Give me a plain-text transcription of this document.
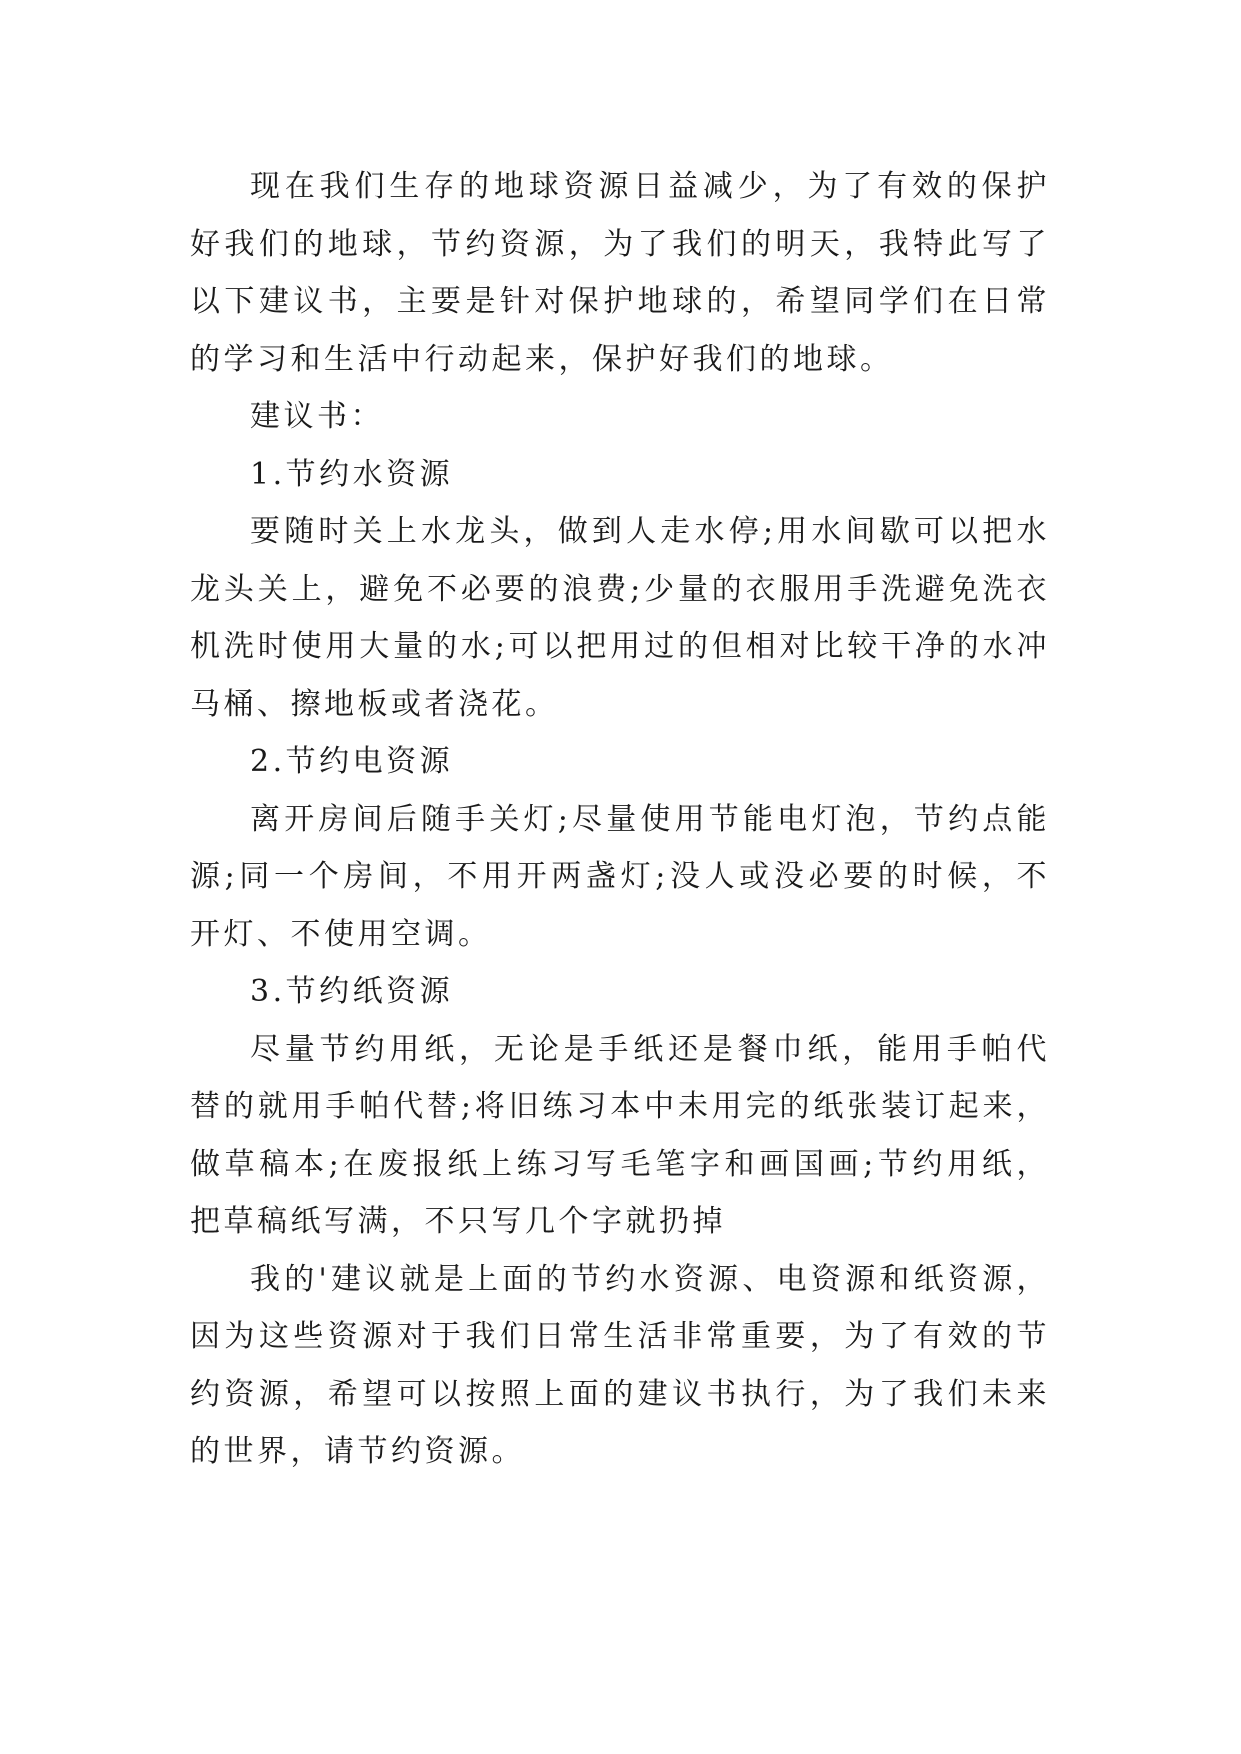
现在我们生存的地球资源日益减少，为了有效的保护好我们的地球，节约资源，为了我们的明天，我特此写了以下建议书，主要是针对保护地球的，希望同学们在日常的学习和生活中行动起来，保护好我们的地球。

建议书：

1.节约水资源

要随时关上水龙头，做到人走水停;用水间歇可以把水龙头关上，避免不必要的浪费;少量的衣服用手洗避免洗衣机洗时使用大量的水;可以把用过的但相对比较干净的水冲马桶、擦地板或者浇花。

2.节约电资源

离开房间后随手关灯;尽量使用节能电灯泡，节约点能源;同一个房间，不用开两盏灯;没人或没必要的时候，不开灯、不使用空调。

3.节约纸资源

尽量节约用纸，无论是手纸还是餐巾纸，能用手帕代替的就用手帕代替;将旧练习本中未用完的纸张装订起来，做草稿本;在废报纸上练习写毛笔字和画国画;节约用纸，把草稿纸写满，不只写几个字就扔掉

我的'建议就是上面的节约水资源、电资源和纸资源，因为这些资源对于我们日常生活非常重要，为了有效的节约资源，希望可以按照上面的建议书执行，为了我们未来的世界，请节约资源。
